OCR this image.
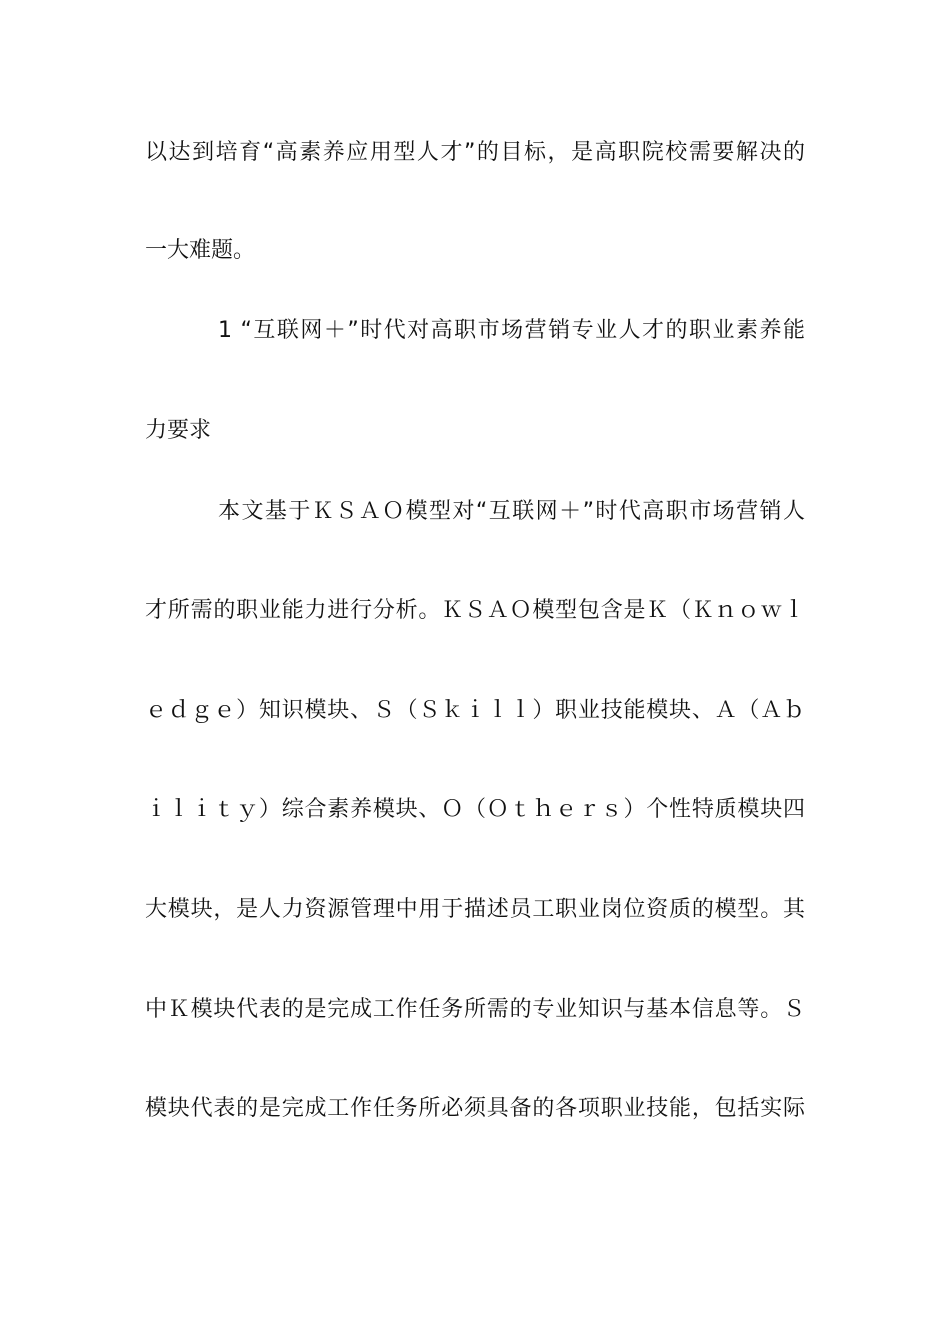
以达到培育“高素养应用型人才”的目标，是高职院校需要解决的
一大难题。
1 “互联网＋”时代对高职市场营销专业人才的职业素养能
力要求
本文基于ＫＳＡＯ模型对“互联网＋”时代高职市场营销人
才所需的职业能力进行分析。ＫＳＡＯ模型包含是Ｋ（Ｋｎｏｗｌ
ｅｄｇｅ）知识模块、Ｓ（Ｓｋｉｌｌ）职业技能模块、Ａ（Ａｂ
ｉｌｉｔｙ）综合素养模块、Ｏ（Ｏｔｈｅｒｓ）个性特质模块四
大模块，是人力资源管理中用于描述员工职业岗位资质的模型。其
中Ｋ模块代表的是完成工作任务所需的专业知识与基本信息等。Ｓ
模块代表的是完成工作任务所必须具备的各项职业技能，包括实际
